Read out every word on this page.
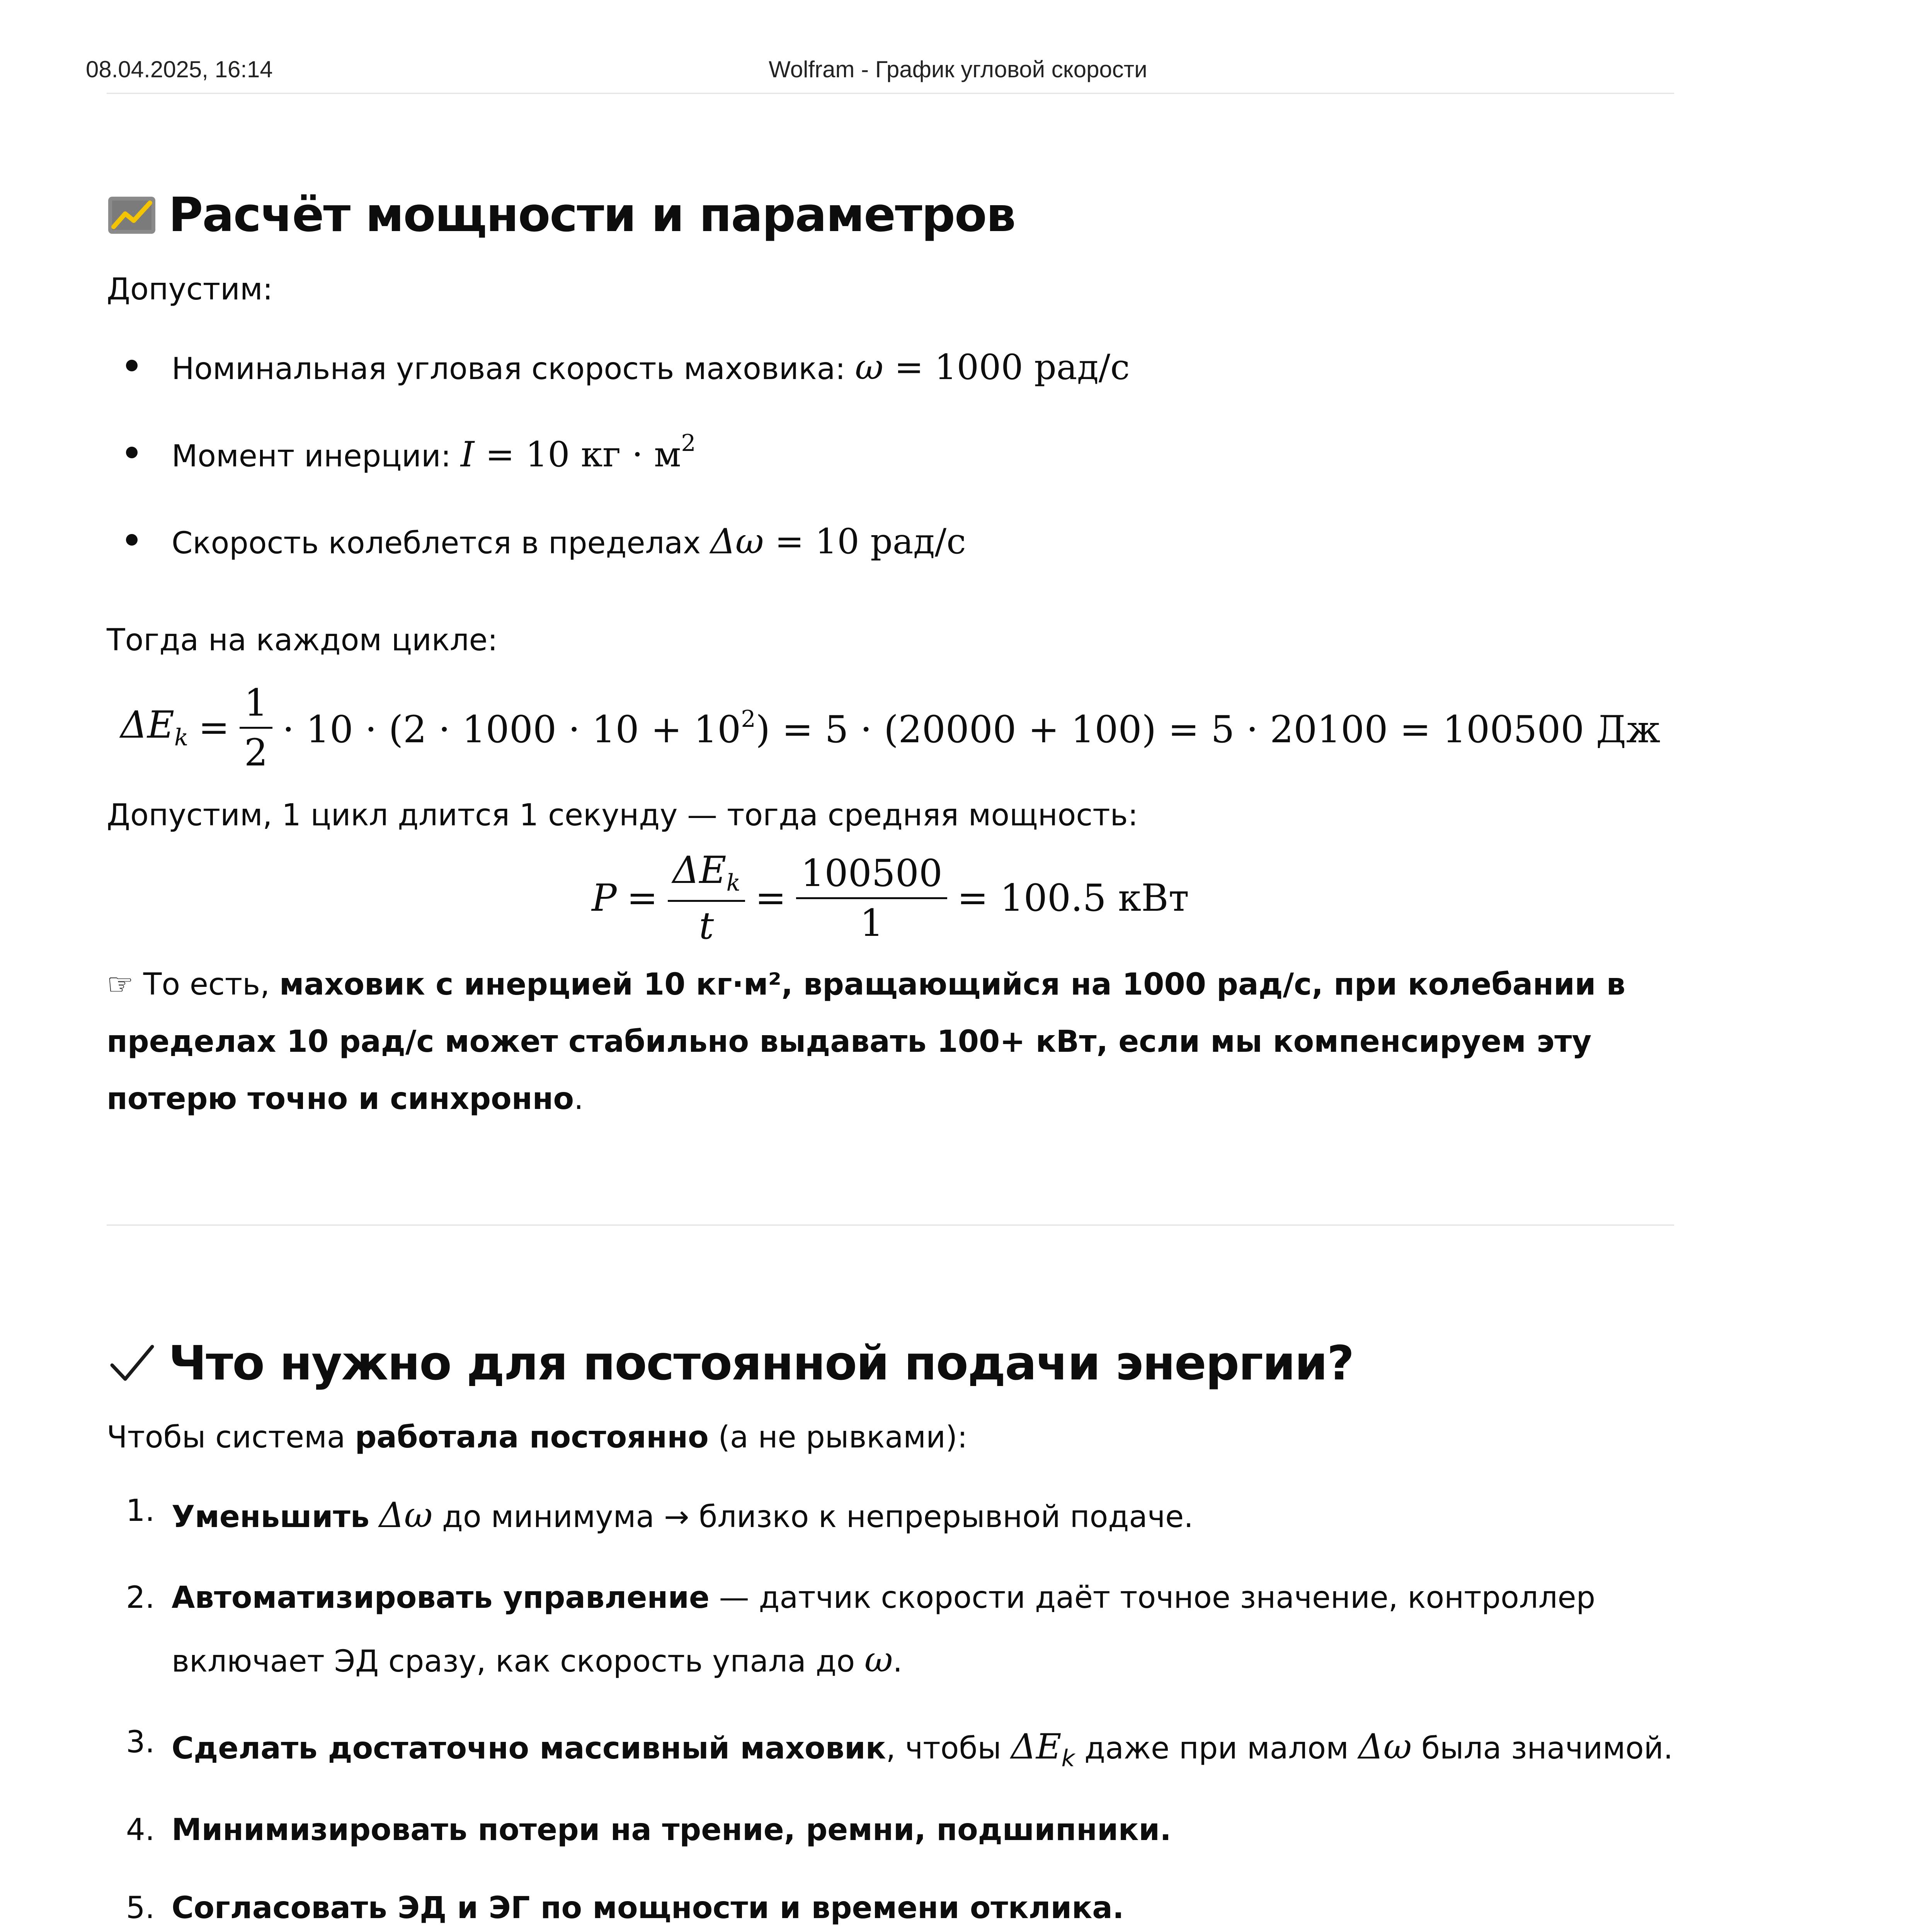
08.04.2025, 16:14	Wolfram - График угловой скорости
Расчёт мощности и параметров

Допустим:

Номинальная угловая скорость маховика: ω = 1000 рад/с
Момент инерции: I = 10 кг · $м^2$
Скорость колеблется в пределах Δω = 10 рад/с

Тогда на каждом цикле:

$\Delta E_k = \frac{1}{2} \cdot 10 \cdot (2 \cdot 1000 \cdot 10 + 10^2) = 5 \cdot (20000 + 100) = 5 \cdot 20100 = 100500$ Дж

Допустим, 1 цикл длится 1 секунду — тогда средняя мощность:

$P = \frac{\Delta E_k}{t} = \frac{100500}{1} = 100.5$ кВт

☞ То есть, маховик с инерцией 10 кг·м², вращающийся на 1000 рад/с, при колебании в пределах 10 рад/с может стабильно выдавать 100+ кВт, если мы компенсируем эту потерю точно и синхронно.

Что нужно для постоянной подачи энергии?

Чтобы система работала постоянно (а не рывками):

1. Уменьшить Δω до минимума → близко к непрерывной подаче.
2. Автоматизировать управление — датчик скорости даёт точное значение, контроллер включает ЭД сразу, как скорость упала до ω.
3. Сделать достаточно массивный маховик, чтобы $\Delta E_k$ даже при малом Δω была значимой.
4. Минимизировать потери на трение, ремни, подшипники.
5. Согласовать ЭД и ЭГ по мощности и времени отклика.
